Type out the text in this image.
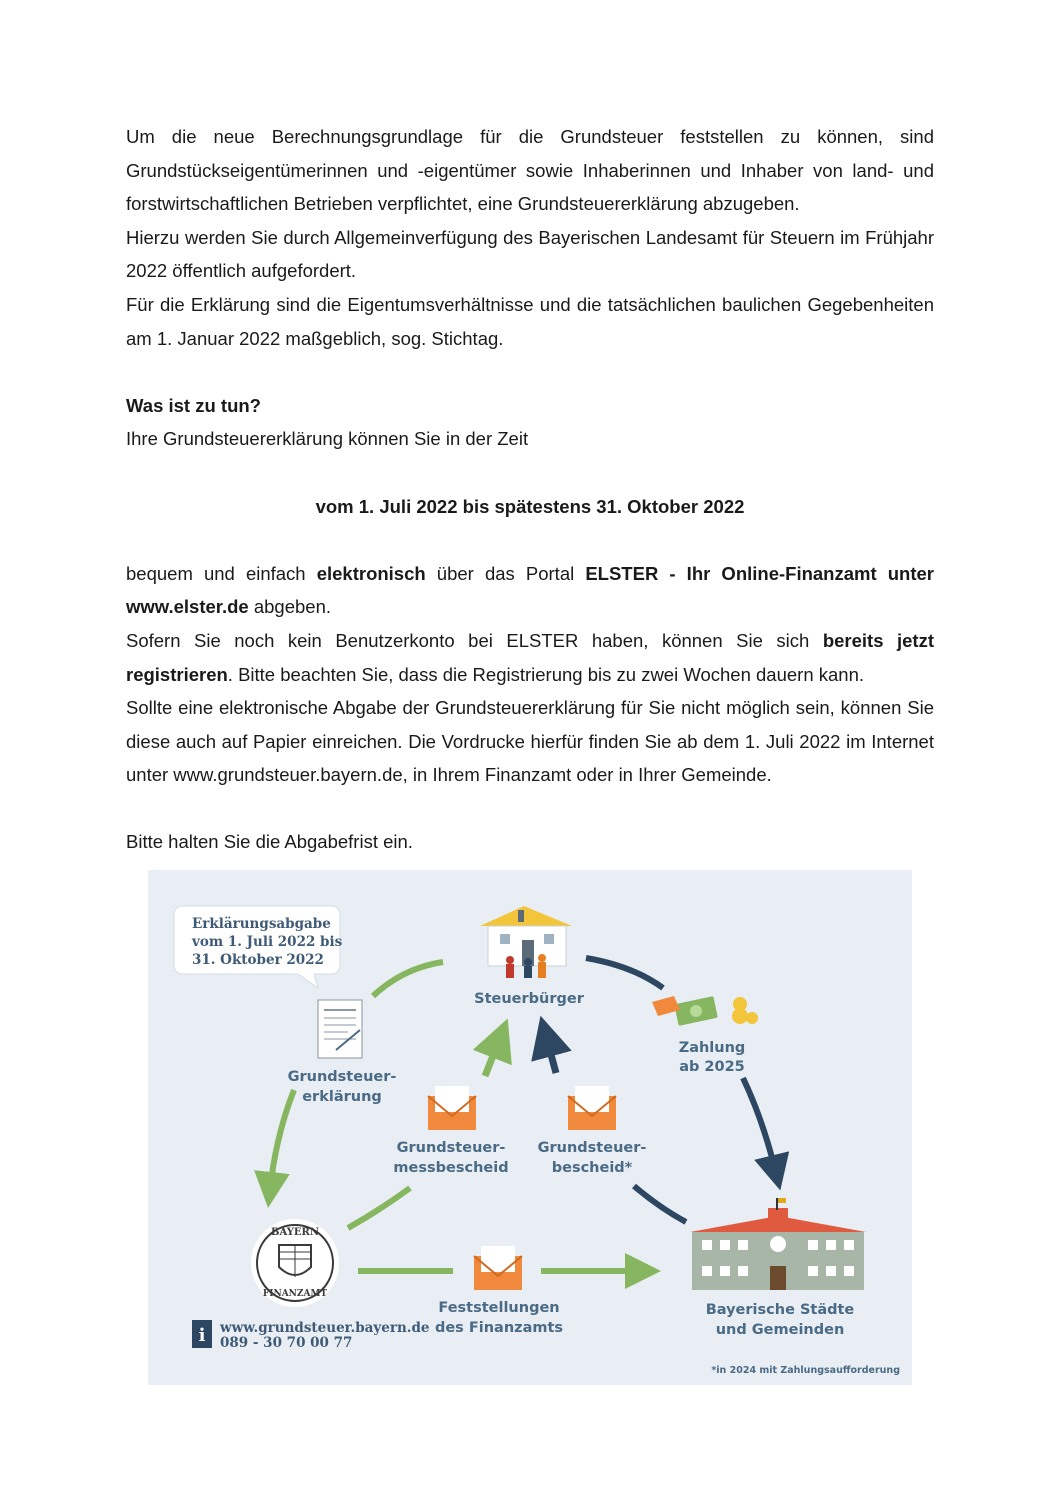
Um die neue Berechnungsgrundlage für die Grundsteuer feststellen zu können, sind Grundstückseigentümerinnen und -eigentümer sowie Inhaberinnen und Inhaber von land- und forstwirtschaftlichen Betrieben verpflichtet, eine Grundsteuererklärung abzugeben.

Hierzu werden Sie durch Allgemeinverfügung des Bayerischen Landesamt für Steuern im Frühjahr 2022 öffentlich aufgefordert.

Für die Erklärung sind die Eigentumsverhältnisse und die tatsächlichen baulichen Gegebenheiten am 1. Januar 2022 maßgeblich, sog. Stichtag.

Was ist zu tun?

Ihre Grundsteuererklärung können Sie in der Zeit

vom 1. Juli 2022 bis spätestens 31. Oktober 2022

bequem und einfach elektronisch über das Portal ELSTER - Ihr Online-Finanzamt unter www.elster.de abgeben.

Sofern Sie noch kein Benutzerkonto bei ELSTER haben, können Sie sich bereits jetzt registrieren. Bitte beachten Sie, dass die Registrierung bis zu zwei Wochen dauern kann.

Sollte eine elektronische Abgabe der Grundsteuererklärung für Sie nicht möglich sein, können Sie diese auch auf Papier einreichen. Die Vordrucke hierfür finden Sie ab dem 1. Juli 2022 im Internet unter www.grundsteuer.bayern.de, in Ihrem Finanzamt oder in Ihrer Gemeinde.

Bitte halten Sie die Abgabefrist ein.

Erklärungsabgabe
vom 1. Juli 2022 bis
31. Oktober 2022
Steuerbürger
Zahlung
ab 2025
Grundsteuer-
erklärung
Grundsteuer-
messbescheid
Grundsteuer-
bescheid*
Feststellungen
des Finanzamts
BAYERN
FINANZAMT
Bayerische Städte
und Gemeinden
i www.grundsteuer.bayern.de
089 - 30 70 00 77
*in 2024 mit Zahlungsaufforderung
